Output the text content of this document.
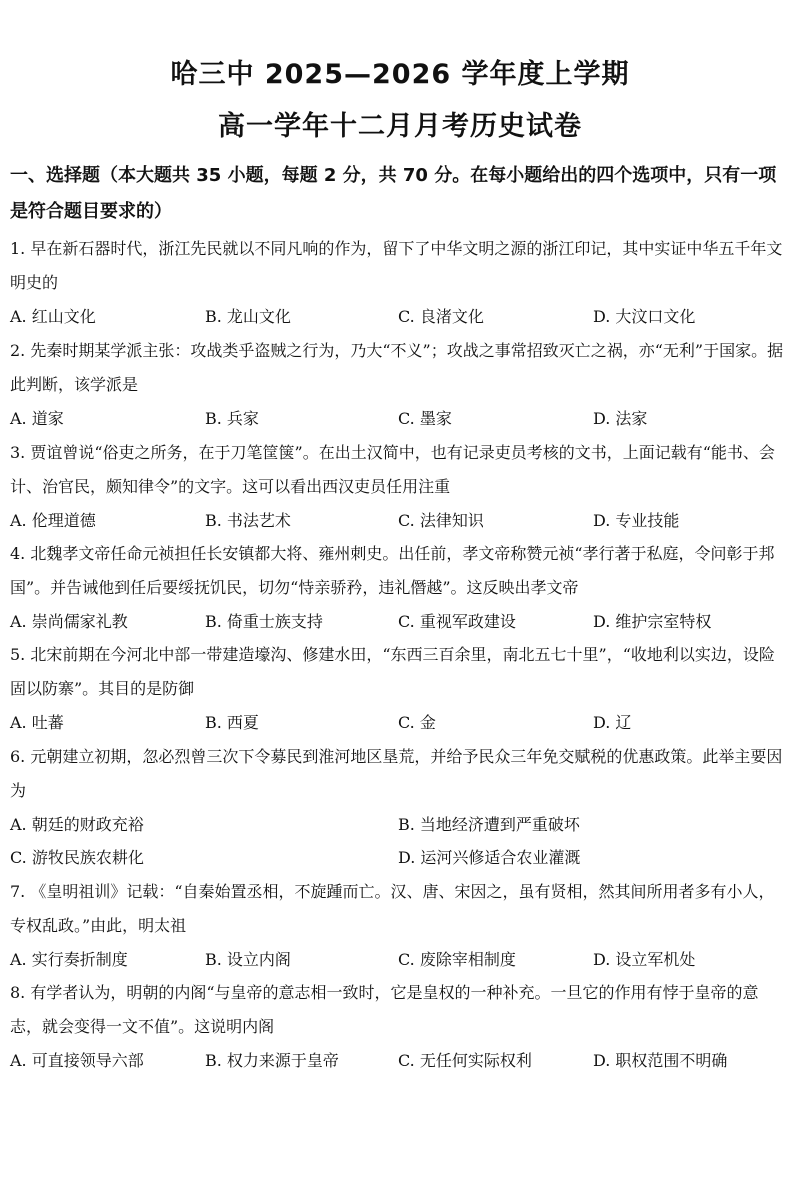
哈三中 2025—2026 学年度上学期
高一学年十二月月考历史试卷
一、选择题（本大题共 35 小题，每题 2 分，共 70 分。在每小题给出的四个选项中，只有一项是符合题目要求的）
1. 早在新石器时代，浙江先民就以不同凡响的作为，留下了中华文明之源的浙江印记，其中实证中华五千年文明史的
A. 红山文化	B. 龙山文化	C. 良渚文化	D. 大汶口文化
2. 先秦时期某学派主张：攻战类乎盗贼之行为，乃大“不义”；攻战之事常招致灭亡之祸，亦“无利”于国家。据此判断，该学派是
A. 道家	B. 兵家	C. 墨家	D. 法家
3. 贾谊曾说“俗吏之所务，在于刀笔筐箧”。在出土汉简中，也有记录吏员考核的文书，上面记载有“能书、会计、治官民，颇知律令”的文字。这可以看出西汉吏员任用注重
A. 伦理道德	B. 书法艺术	C. 法律知识	D. 专业技能
4. 北魏孝文帝任命元祯担任长安镇都大将、雍州刺史。出任前，孝文帝称赞元祯“孝行著于私庭，令问彰于邦国”。并告诫他到任后要绥抚饥民，切勿“恃亲骄矜，违礼僭越”。这反映出孝文帝
A. 崇尚儒家礼教	B. 倚重士族支持	C. 重视军政建设	D. 维护宗室特权
5. 北宋前期在今河北中部一带建造壕沟、修建水田，“东西三百余里，南北五七十里”，“收地利以实边，设险固以防寨”。其目的是防御
A. 吐蕃	B. 西夏	C. 金	D. 辽
6. 元朝建立初期，忽必烈曾三次下令募民到淮河地区垦荒，并给予民众三年免交赋税的优惠政策。此举主要因为
A. 朝廷的财政充裕	B. 当地经济遭到严重破坏
C. 游牧民族农耕化	D. 运河兴修适合农业灌溉
7. 《皇明祖训》记载：“自秦始置丞相，不旋踵而亡。汉、唐、宋因之，虽有贤相，然其间所用者多有小人，专权乱政。”由此，明太祖
A. 实行奏折制度	B. 设立内阁	C. 废除宰相制度	D. 设立军机处
8. 有学者认为，明朝的内阁“与皇帝的意志相一致时，它是皇权的一种补充。一旦它的作用有悖于皇帝的意志，就会变得一文不值”。这说明内阁
A. 可直接领导六部	B. 权力来源于皇帝	C. 无任何实际权利	D. 职权范围不明确
